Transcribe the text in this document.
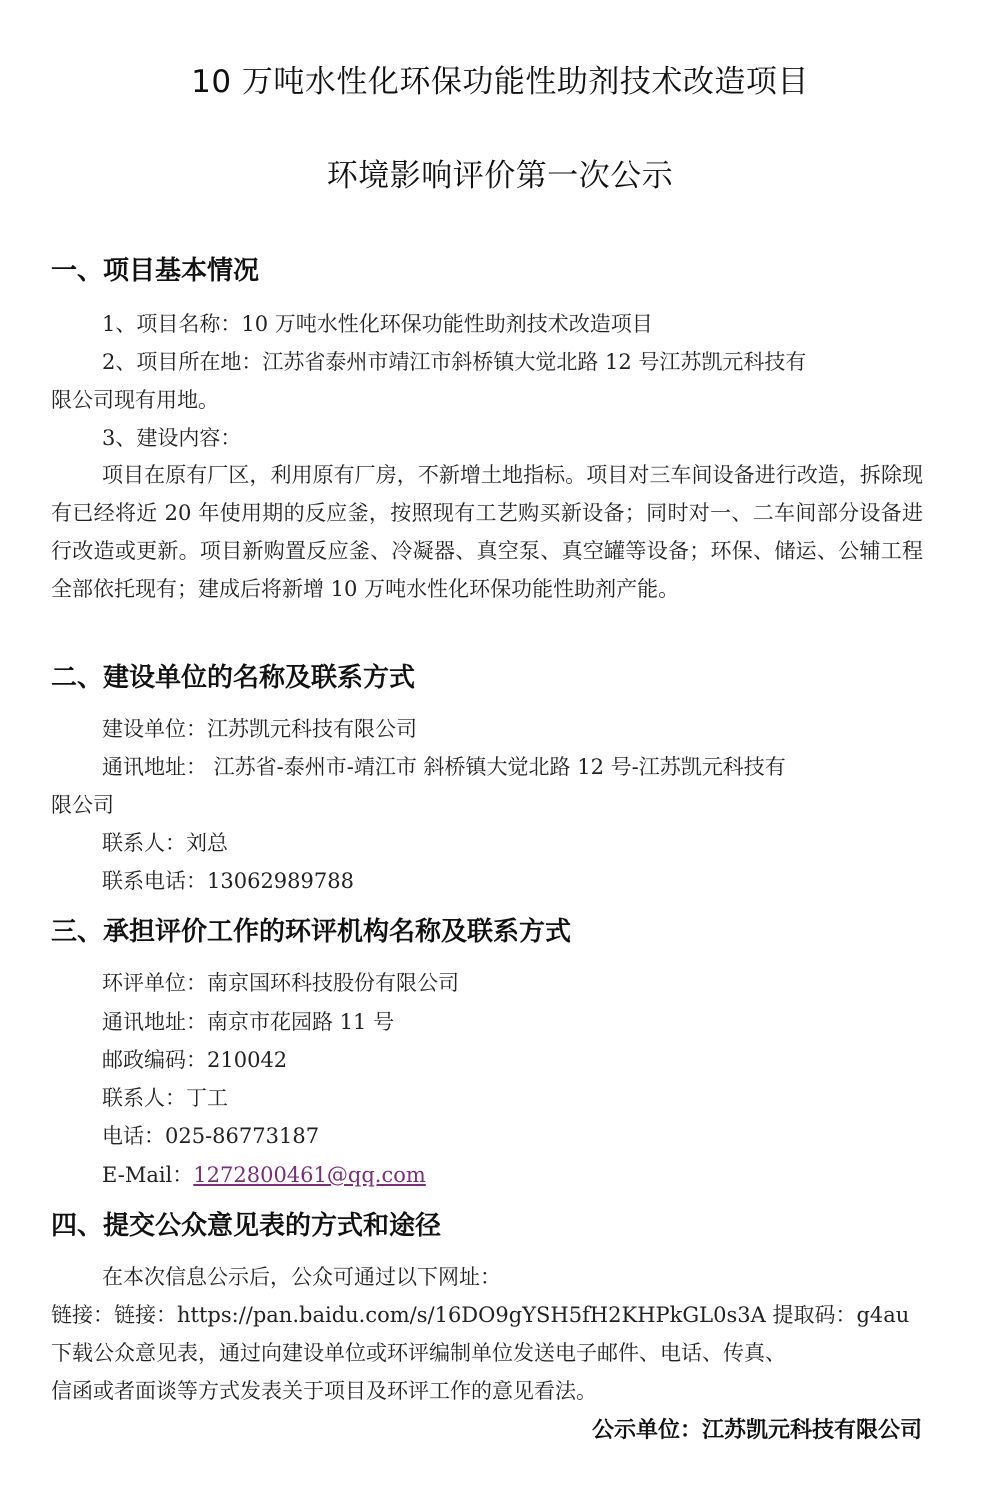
10 万吨水性化环保功能性助剂技术改造项目
环境影响评价第一次公示
一、项目基本情况
1、项目名称：10 万吨水性化环保功能性助剂技术改造项目
2、项目所在地：江苏省泰州市靖江市斜桥镇大觉北路 12 号江苏凯元科技有
限公司现有用地。
3、建设内容：
项目在原有厂区，利用原有厂房，不新增土地指标。项目对三车间设备进行改造，拆除现有已经将近 20 年使用期的反应釜，按照现有工艺购买新设备；同时对一、二车间部分设备进行改造或更新。项目新购置反应釜、冷凝器、真空泵、真空罐等设备；环保、储运、公辅工程全部依托现有；建成后将新增 10 万吨水性化环保功能性助剂产能。
二、建设单位的名称及联系方式
建设单位：江苏凯元科技有限公司
通讯地址： 江苏省-泰州市-靖江市 斜桥镇大觉北路 12 号-江苏凯元科技有
限公司
联系人：刘总
联系电话：13062989788
三、承担评价工作的环评机构名称及联系方式
环评单位：南京国环科技股份有限公司
通讯地址：南京市花园路 11 号
邮政编码：210042
联系人：丁工
电话：025-86773187
E-Mail：1272800461@qq.com
四、提交公众意见表的方式和途径
在本次信息公示后，公众可通过以下网址：
链接：链接：https://pan.baidu.com/s/16DO9gYSH5fH2KHPkGL0s3A 提取码：g4au
下载公众意见表，通过向建设单位或环评编制单位发送电子邮件、电话、传真、
信函或者面谈等方式发表关于项目及环评工作的意见看法。
公示单位：江苏凯元科技有限公司
